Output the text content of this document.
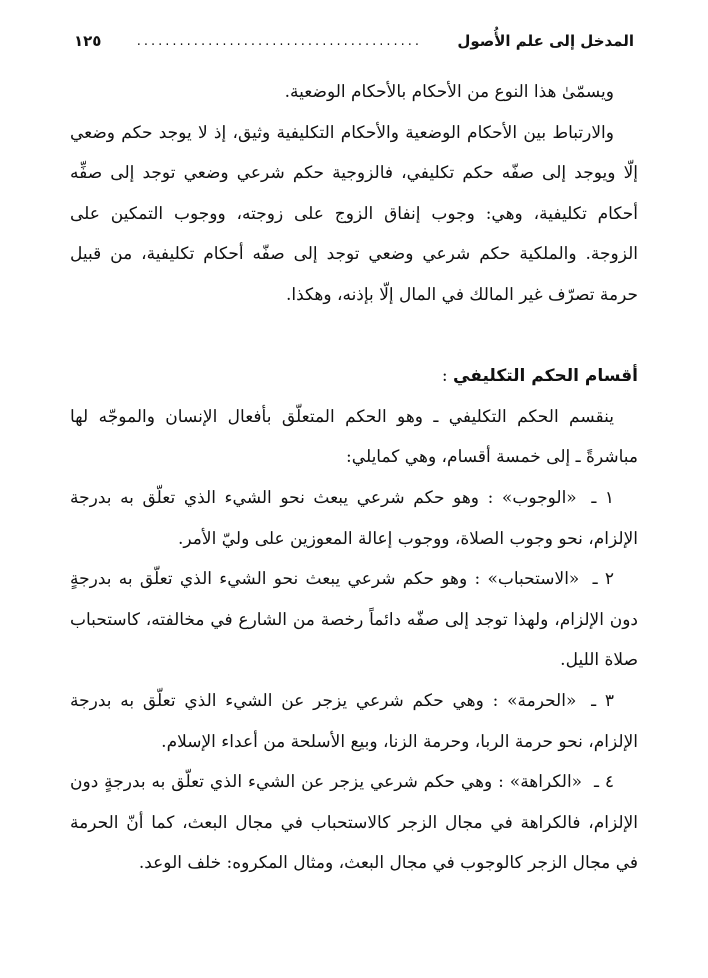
المدخل إلى علم الأُصول
........................................
١٢٥

ويسمّىٰ هذا النوع من الأحكام بالأحكام الوضعية.

والارتباط بين الأحكام الوضعية والأحكام التكليفية وثيق، إذ لا يوجد حكم وضعي إلّا ويوجد إلى صفّه حكم تكليفي، فالزوجية حكم شرعي وضعي توجد إلى صفِّه أحكام تكليفية، وهي: وجوب إنفاق الزوج على زوجته، ووجوب التمكين على الزوجة. والملكية حكم شرعي وضعي توجد إلى صفّه أحكام تكليفية، من قبيل حرمة تصرّف غير المالك في المال إلّا بإذنه، وهكذا.

أقسام الحكم التكليفي :

ينقسم الحكم التكليفي ـ وهو الحكم المتعلّق بأفعال الإنسان والموجّه لها مباشرةً ـ إلى خمسة أقسام، وهي كمايلي:

١ ـ «الوجوب» : وهو حكم شرعي يبعث نحو الشيء الذي تعلّق به بدرجة الإلزام، نحو وجوب الصلاة، ووجوب إعالة المعوزين على وليّ الأمر.

٢ ـ «الاستحباب» : وهو حكم شرعي يبعث نحو الشيء الذي تعلّق به بدرجةٍ دون الإلزام، ولهذا توجد إلى صفّه دائماً رخصة من الشارع في مخالفته، كاستحباب صلاة الليل.

٣ ـ «الحرمة» : وهي حكم شرعي يزجر عن الشيء الذي تعلّق به بدرجة الإلزام، نحو حرمة الربا، وحرمة الزنا، وبيع الأسلحة من أعداء الإسلام.

٤ ـ «الكراهة» : وهي حكم شرعي يزجر عن الشيء الذي تعلّق به بدرجةٍ دون الإلزام، فالكراهة في مجال الزجر كالاستحباب في مجال البعث، كما أنّ الحرمة في مجال الزجر كالوجوب في مجال البعث، ومثال المكروه: خلف الوعد.
